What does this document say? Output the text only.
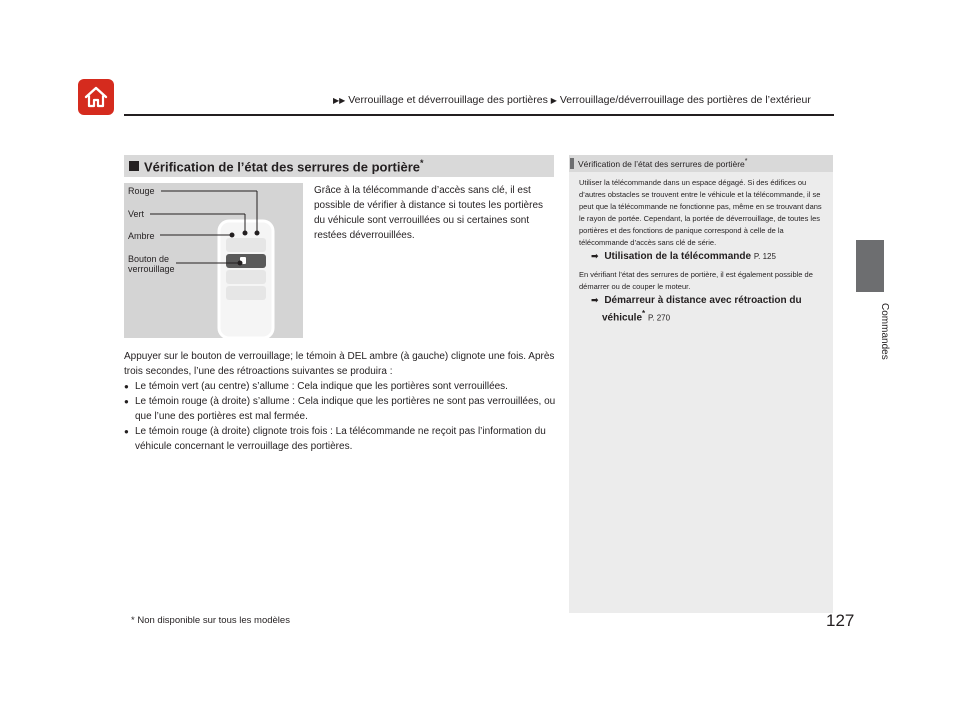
▶▶ Verrouillage et déverrouillage des portières ▶ Verrouillage/déverrouillage des portières de l’extérieur
Commandes
Vérification de l’état des serrures de portière*
Rouge
Vert
Ambre
Bouton de
verrouillage
Grâce à la télécommande d’accès sans clé, il est possible de vérifier à distance si toutes les portières du véhicule sont verrouillées ou si certaines sont restées déverrouillées.
Appuyer sur le bouton de verrouillage; le témoin à DEL ambre (à gauche) clignote une fois. Après trois secondes, l’une des rétroactions suivantes se produira :
● Le témoin vert (au centre) s’allume : Cela indique que les portières sont verrouillées.
● Le témoin rouge (à droite) s’allume : Cela indique que les portières ne sont pas verrouillées, ou que l’une des portières est mal fermée.
● Le témoin rouge (à droite) clignote trois fois : La télécommande ne reçoit pas l’information du véhicule concernant le verrouillage des portières.
Vérification de l’état des serrures de portière*
Utiliser la télécommande dans un espace dégagé. Si des édifices ou d’autres obstacles se trouvent entre le véhicule et la télécommande, il se peut que la télécommande ne fonctionne pas, même en se trouvant dans le rayon de portée. Cependant, la portée de déverrouillage, de toutes les portières et des fonctions de panique correspond à celle de la télécommande d’accès sans clé de série.
➡ Utilisation de la télécommande P. 125
En vérifiant l’état des serrures de portière, il est également possible de démarrer ou de couper le moteur.
➡ Démarreur à distance avec rétroaction du
véhicule* P. 270
* Non disponible sur tous les modèles	127
